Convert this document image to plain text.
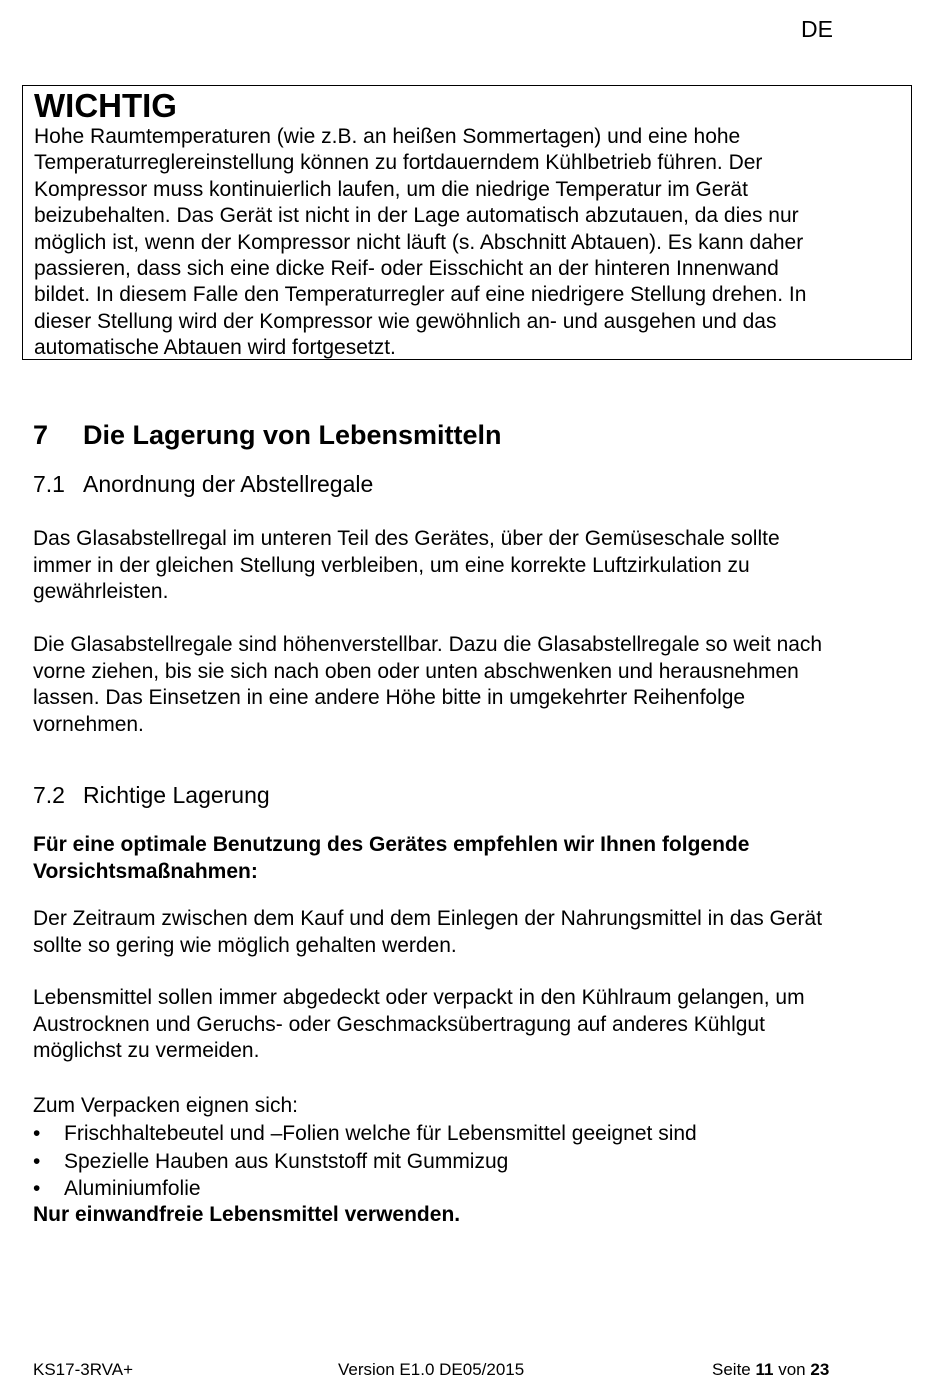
DE
WICHTIG
Hohe Raumtemperaturen (wie z.B. an heißen Sommertagen) und eine hohe
Temperaturreglereinstellung können zu fortdauerndem Kühlbetrieb führen. Der
Kompressor muss kontinuierlich laufen, um die niedrige Temperatur im Gerät
beizubehalten. Das Gerät ist nicht in der Lage automatisch abzutauen, da dies nur
möglich ist, wenn der Kompressor nicht läuft (s. Abschnitt Abtauen). Es kann daher
passieren, dass sich eine dicke Reif- oder Eisschicht an der hinteren Innenwand
bildet. In diesem Falle den Temperaturregler auf eine niedrigere Stellung drehen. In
dieser Stellung wird der Kompressor wie gewöhnlich an- und ausgehen und das
automatische Abtauen wird fortgesetzt.
7 Die Lagerung von Lebensmitteln
7.1 Anordnung der Abstellregale
Das Glasabstellregal im unteren Teil des Gerätes, über der Gemüseschale sollte
immer in der gleichen Stellung verbleiben, um eine korrekte Luftzirkulation zu
gewährleisten.
Die Glasabstellregale sind höhenverstellbar. Dazu die Glasabstellregale so weit nach
vorne ziehen, bis sie sich nach oben oder unten abschwenken und herausnehmen
lassen. Das Einsetzen in eine andere Höhe bitte in umgekehrter Reihenfolge
vornehmen.
7.2 Richtige Lagerung
Für eine optimale Benutzung des Gerätes empfehlen wir Ihnen folgende
Vorsichtsmaßnahmen:
Der Zeitraum zwischen dem Kauf und dem Einlegen der Nahrungsmittel in das Gerät
sollte so gering wie möglich gehalten werden.
Lebensmittel sollen immer abgedeckt oder verpackt in den Kühlraum gelangen, um
Austrocknen und Geruchs- oder Geschmacksübertragung auf anderes Kühlgut
möglichst zu vermeiden.
Zum Verpacken eignen sich:
• Frischhaltebeutel und –Folien welche für Lebensmittel geeignet sind
• Spezielle Hauben aus Kunststoff mit Gummizug
• Aluminiumfolie
Nur einwandfreie Lebensmittel verwenden.
KS17-3RVA+	Version E1.0 DE05/2015	Seite 11 von 23
